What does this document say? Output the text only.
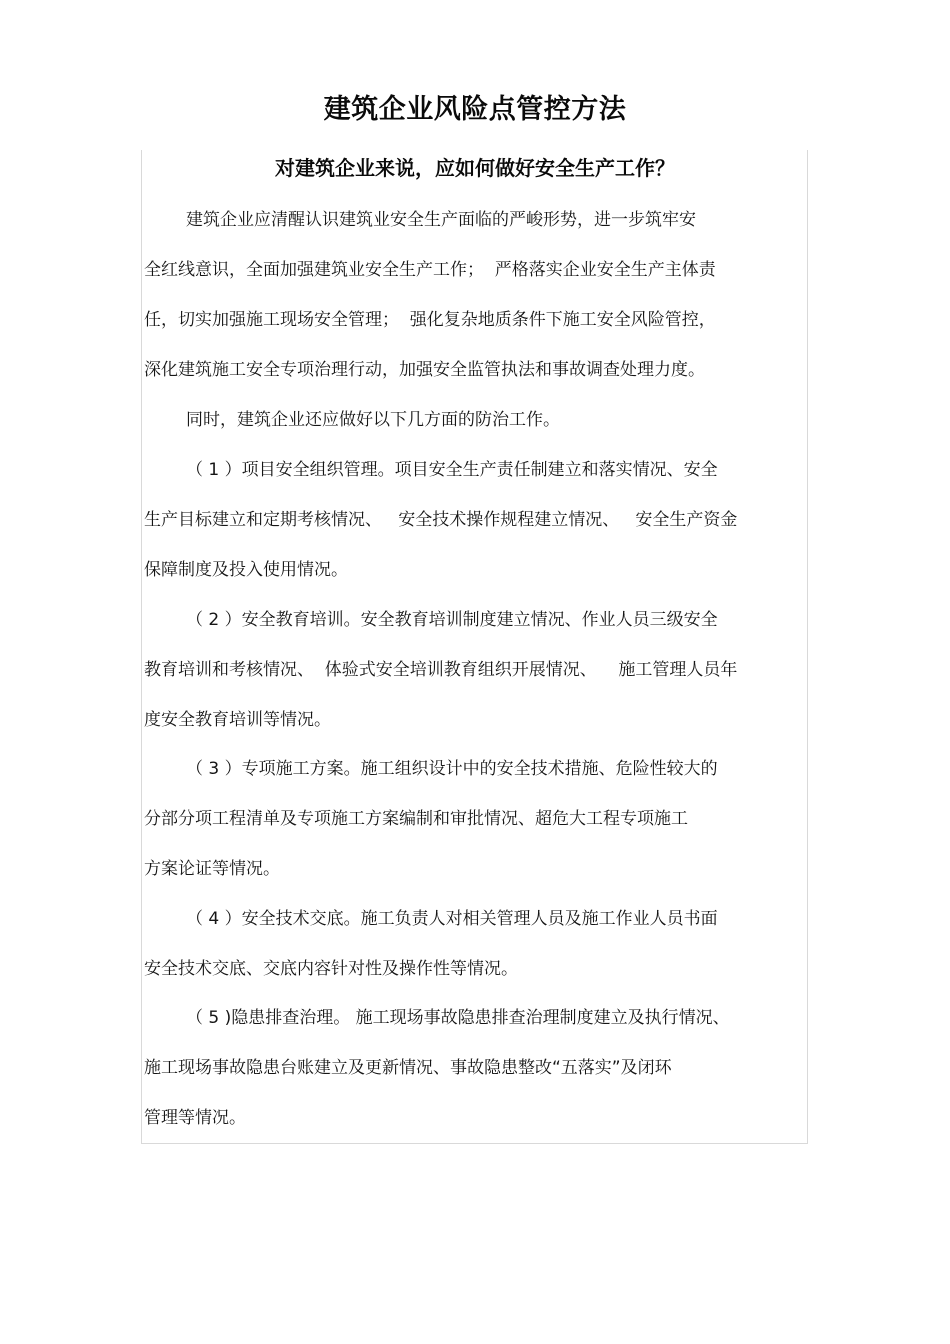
建筑企业风险点管控方法
对建筑企业来说，应如何做好安全生产工作？
建筑企业应清醒认识建筑业安全生产面临的严峻形势，进一步筑牢安
全红线意识，全面加强建筑业安全生产工作；  严格落实企业安全生产主体责
任，切实加强施工现场安全管理；  强化复杂地质条件下施工安全风险管控，
深化建筑施工安全专项治理行动，加强安全监管执法和事故调查处理力度。
同时，建筑企业还应做好以下几方面的防治工作。
（ 1 ）项目安全组织管理。项目安全生产责任制建立和落实情况、安全
生产目标建立和定期考核情况、   安全技术操作规程建立情况、   安全生产资金
保障制度及投入使用情况。
（ 2 ）安全教育培训。安全教育培训制度建立情况、作业人员三级安全
教育培训和考核情况、  体验式安全培训教育组织开展情况、    施工管理人员年
度安全教育培训等情况。
（ 3 ）专项施工方案。施工组织设计中的安全技术措施、危险性较大的
分部分项工程清单及专项施工方案编制和审批情况、超危大工程专项施工
方案论证等情况。
（ 4 ）安全技术交底。施工负责人对相关管理人员及施工作业人员书面
安全技术交底、交底内容针对性及操作性等情况。
（ 5 )隐患排查治理。 施工现场事故隐患排查治理制度建立及执行情况、
施工现场事故隐患台账建立及更新情况、事故隐患整改“五落实”及闭环
管理等情况。
